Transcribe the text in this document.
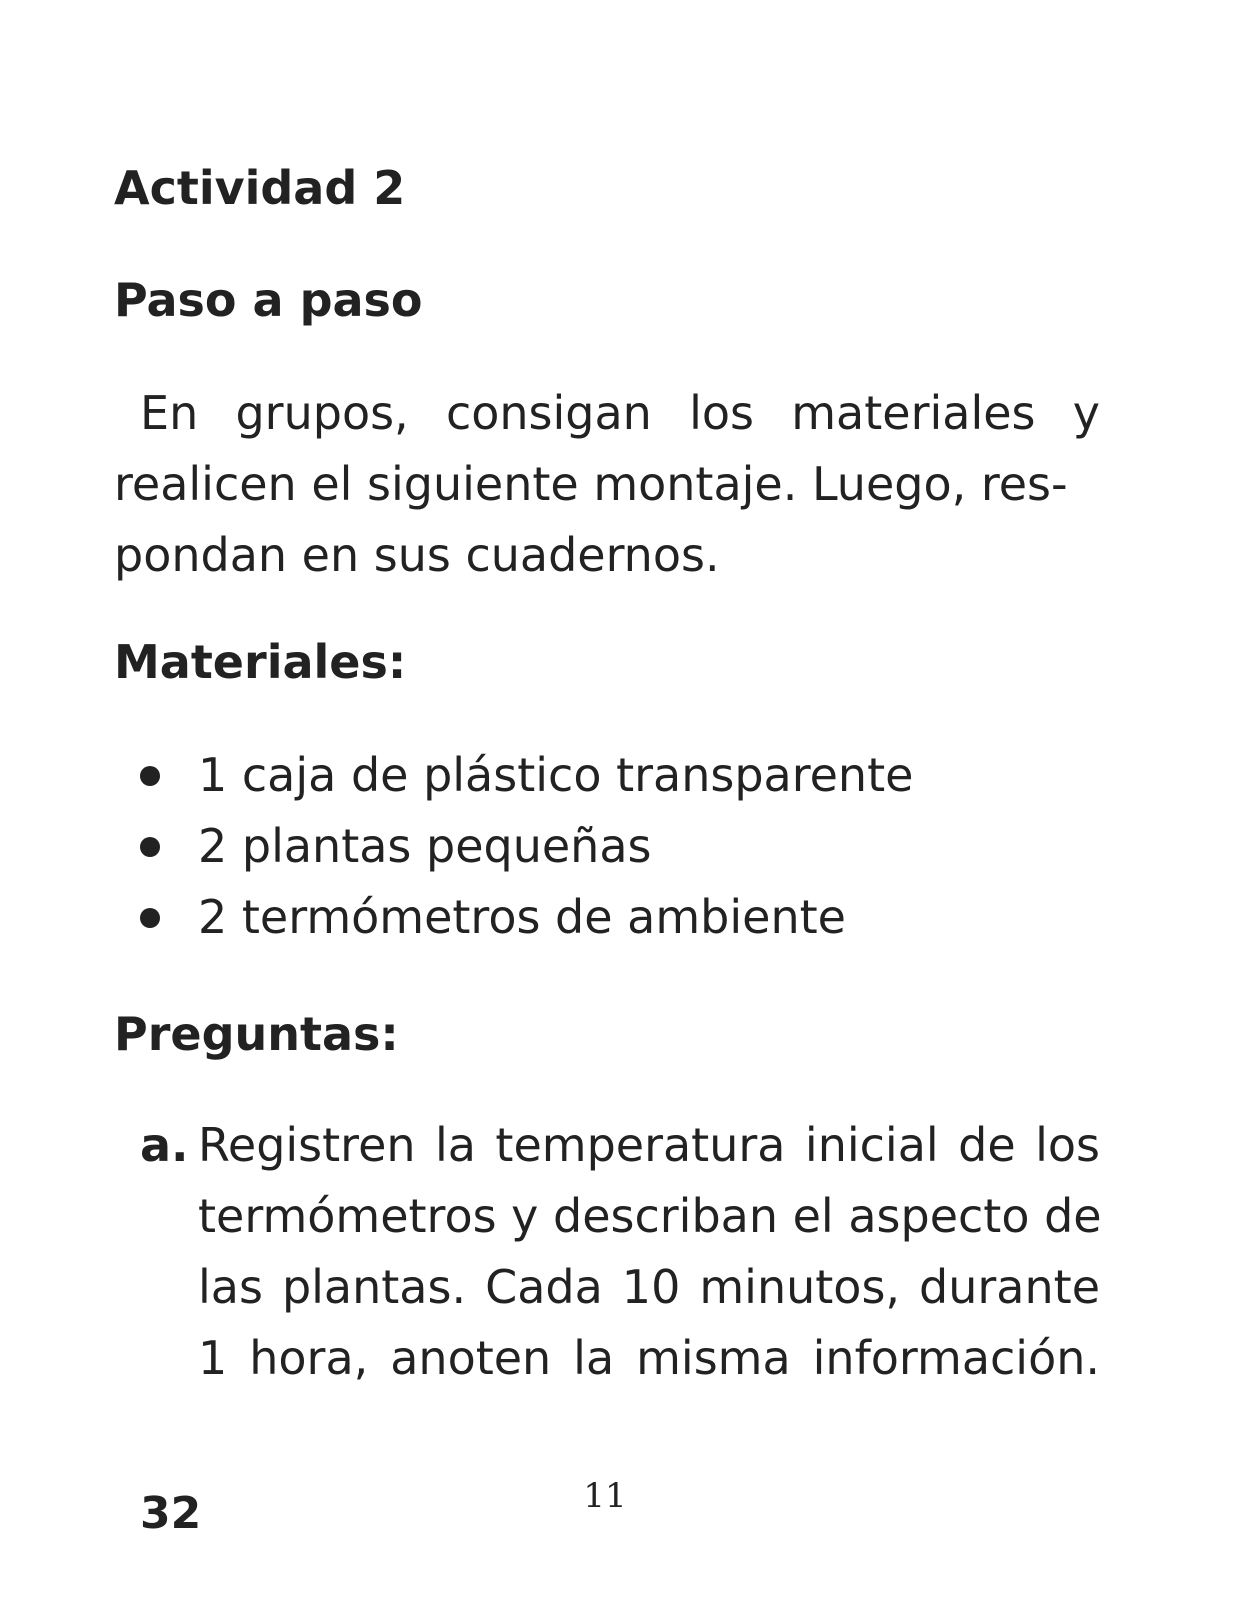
Actividad 2
Paso a paso

En grupos, consigan los materiales y
realicen el siguiente montaje. Luego, res-
pondan en sus cuadernos.

Materiales:
1 caja de plástico transparente
2 plantas pequeñas
2 termómetros de ambiente
Preguntas:
a. Registren la temperatura inicial de los
termómetros y describan el aspecto de
las plantas. Cada 10 minutos, durante
1 hora, anoten la misma información.

32	11
